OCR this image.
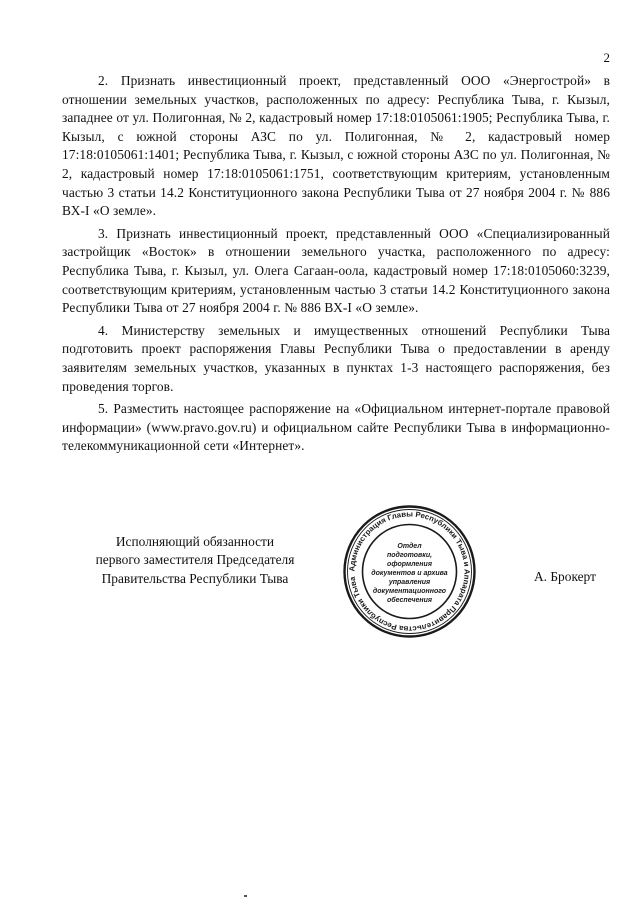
2

2. Признать инвестиционный проект, представленный ООО «Энергострой» в отношении земельных участков, расположенных по адресу: Республика Тыва, г. Кызыл, западнее от ул. Полигонная, № 2, кадастровый номер 17:18:0105061:1905; Республика Тыва, г. Кызыл, с южной стороны АЗС по ул. Полигонная, № 2, кадастровый номер 17:18:0105061:1401; Республика Тыва, г. Кызыл, с южной стороны АЗС по ул. Полигонная, № 2, кадастровый номер 17:18:0105061:1751, соответствующим критериям, установленным частью 3 статьи 14.2 Конституционного закона Республики Тыва от 27 ноября 2004 г. № 886 ВХ-I «О земле».

3. Признать инвестиционный проект, представленный ООО «Специализированный застройщик «Восток» в отношении земельного участка, расположенного по адресу: Республика Тыва, г. Кызыл, ул. Олега Сагаан-оола, кадастровый номер 17:18:0105060:3239, соответствующим критериям, установленным частью 3 статьи 14.2 Конституционного закона Республики Тыва от 27 ноября 2004 г. № 886 ВХ-I «О земле».

4. Министерству земельных и имущественных отношений Республики Тыва подготовить проект распоряжения Главы Республики Тыва о предоставлении в аренду заявителям земельных участков, указанных в пунктах 1-3 настоящего распоряжения, без проведения торгов.

5. Разместить настоящее распоряжение на «Официальном интернет-портале правовой информации» (www.pravo.gov.ru) и официальном сайте Республики Тыва в информационно-телекоммуникационной сети «Интернет».

Исполняющий обязанности
первого заместителя Председателя
Правительства Республики Тыва
Администрация Главы Республики Тыва и Аппарата Правительства Республики Тыва
Отдел
подготовки,
оформления
документов и архива
управления
документационного
обеспечения
А. Брокерт
